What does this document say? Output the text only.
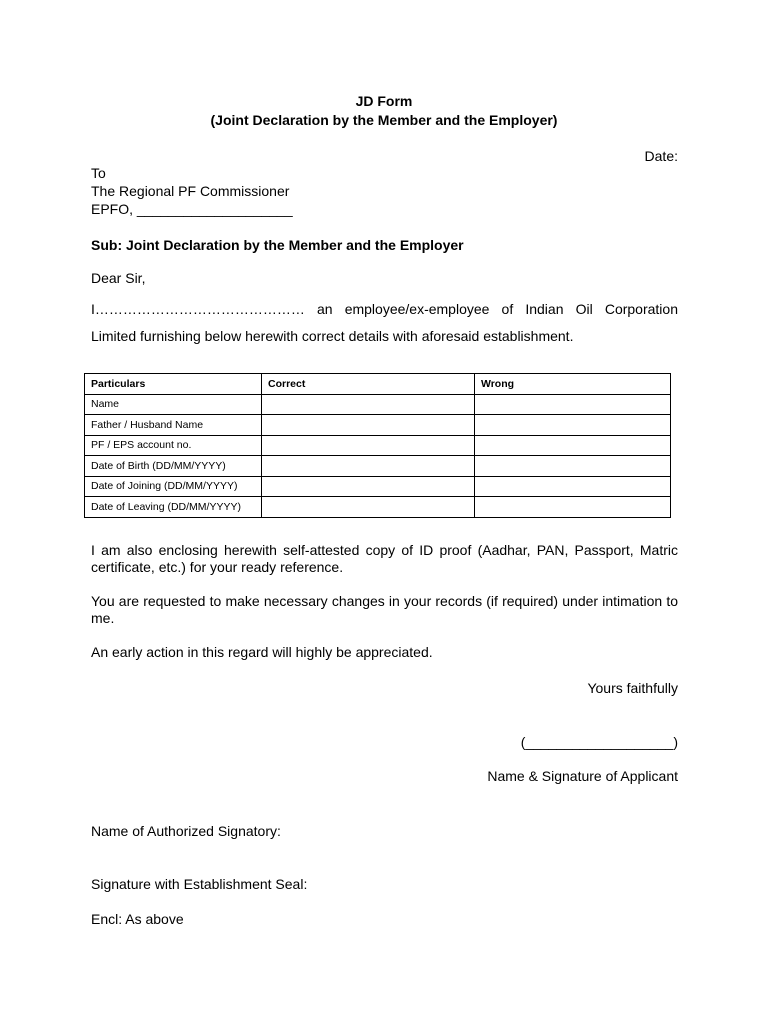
JD Form
(Joint Declaration by the Member and the Employer)
Date:
To
The Regional PF Commissioner
EPFO, ____________________
Sub: Joint Declaration by the Member and the Employer
Dear Sir,
I……………………………………… an employee/ex-employee of Indian Oil Corporation
Limited furnishing below herewith correct details with aforesaid establishment.
Particulars	Correct	Wrong
Name		
Father / Husband Name		
PF / EPS account no.		
Date of Birth (DD/MM/YYYY)		
Date of Joining (DD/MM/YYYY)		
Date of Leaving (DD/MM/YYYY)		
I am also enclosing herewith self-attested copy of ID proof (Aadhar, PAN, Passport, Matric certificate, etc.) for your ready reference.
You are requested to make necessary changes in your records (if required) under intimation to me.
An early action in this regard will highly be appreciated.
Yours faithfully
(___________________)
Name & Signature of Applicant
Name of Authorized Signatory:
Signature with Establishment Seal:
Encl: As above
